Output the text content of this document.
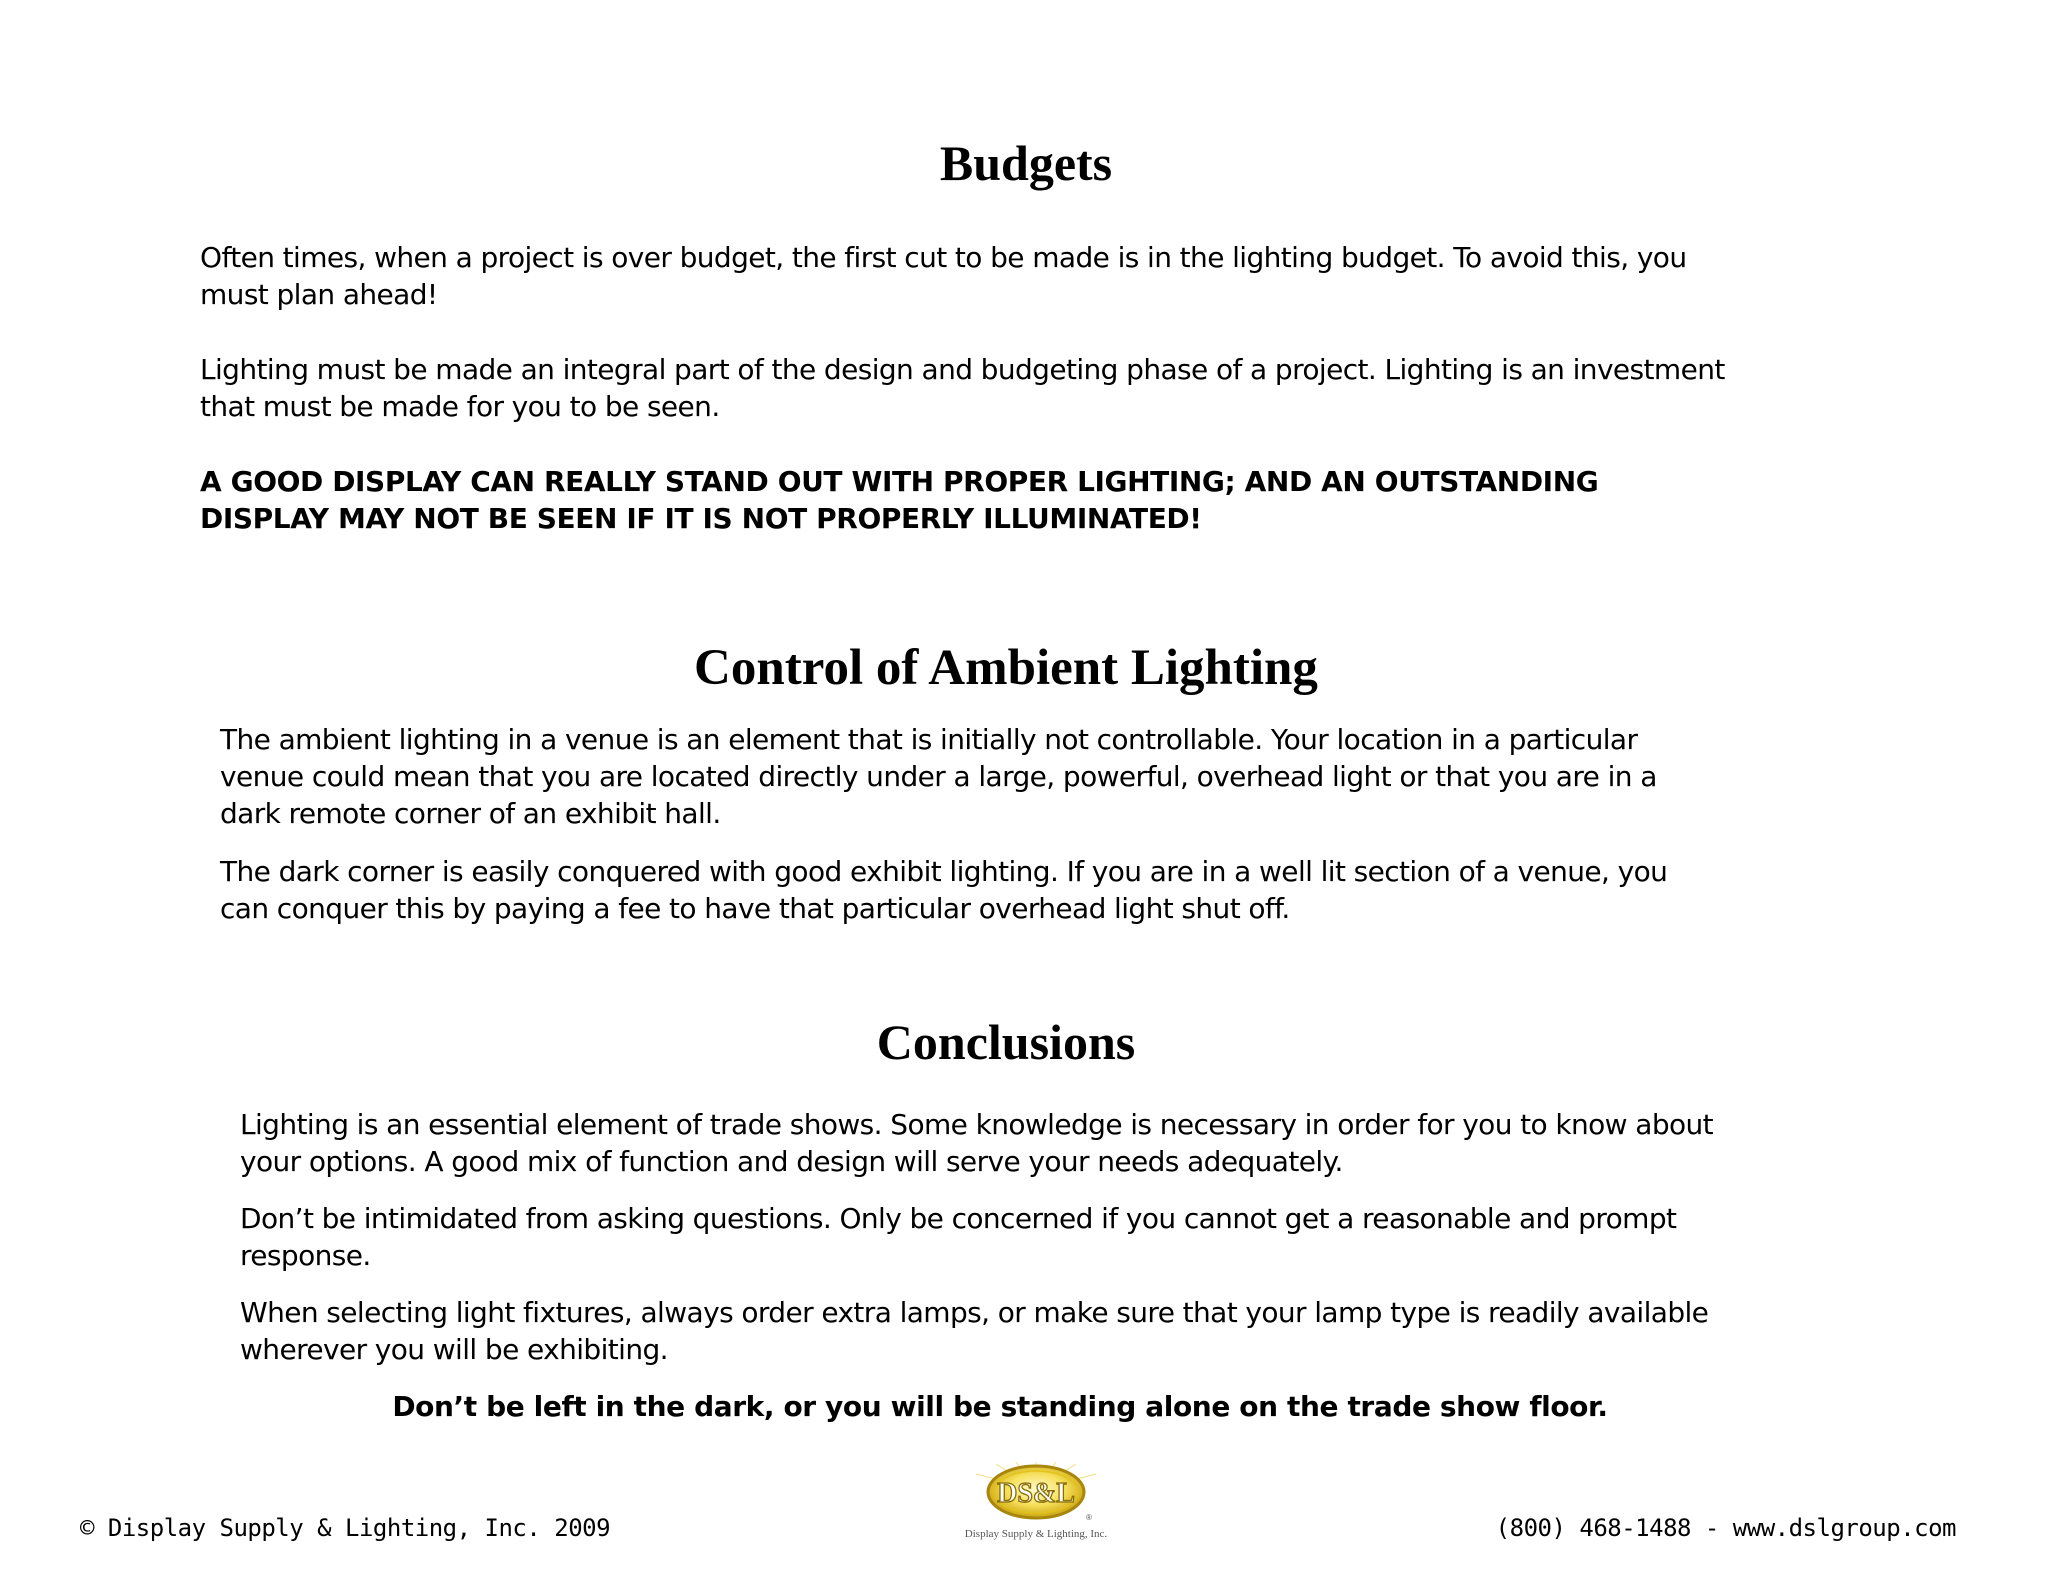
Budgets

Often times, when a project is over budget, the first cut to be made is in the lighting budget. To avoid this, you
must plan ahead!

Lighting must be made an integral part of the design and budgeting phase of a project. Lighting is an investment
that must be made for you to be seen.

A GOOD DISPLAY CAN REALLY STAND OUT WITH PROPER LIGHTING; AND AN OUTSTANDING
DISPLAY MAY NOT BE SEEN IF IT IS NOT PROPERLY ILLUMINATED!

Control of Ambient Lighting

The ambient lighting in a venue is an element that is initially not controllable. Your location in a particular
venue could mean that you are located directly under a large, powerful, overhead light or that you are in a
dark remote corner of an exhibit hall.

The dark corner is easily conquered with good exhibit lighting. If you are in a well lit section of a venue, you
can conquer this by paying a fee to have that particular overhead light shut off.

Conclusions

Lighting is an essential element of trade shows. Some knowledge is necessary in order for you to know about
your options. A good mix of function and design will serve your needs adequately.

Don’t be intimidated from asking questions. Only be concerned if you cannot get a reasonable and prompt
response.

When selecting light fixtures, always order extra lamps, or make sure that your lamp type is readily available
wherever you will be exhibiting.

Don’t be left in the dark, or you will be standing alone on the trade show floor.

© Display Supply & Lighting, Inc. 2009
DS&L
®
Display Supply & Lighting, Inc.	(800) 468-1488 - www.dslgroup.com
